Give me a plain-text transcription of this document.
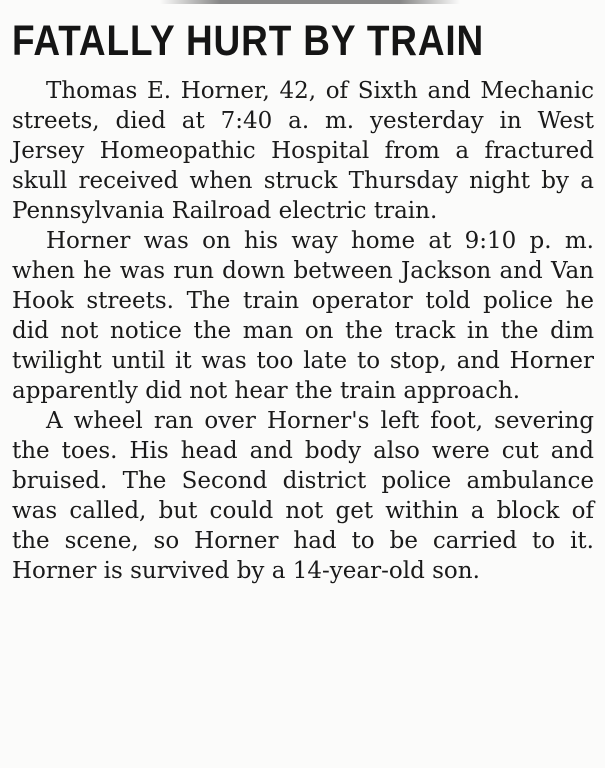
FATALLY HURT BY TRAIN

Thomas E. Horner, 42, of Sixth and Mechanic streets, died at 7:40 a. m. yesterday in West Jersey Homeopathic Hospital from a fractured skull received when struck Thursday night by a Pennsylvania Railroad electric train.

Horner was on his way home at 9:10 p. m. when he was run down between Jackson and Van Hook streets. The train operator told police he did not notice the man on the track in the dim twilight until it was too late to stop, and Horner apparently did not hear the train approach.

A wheel ran over Horner's left foot, severing the toes. His head and body also were cut and bruised. The Second district police ambulance was called, but could not get within a block of the scene, so Horner had to be carried to it. Horner is survived by a 14-year-old son.
